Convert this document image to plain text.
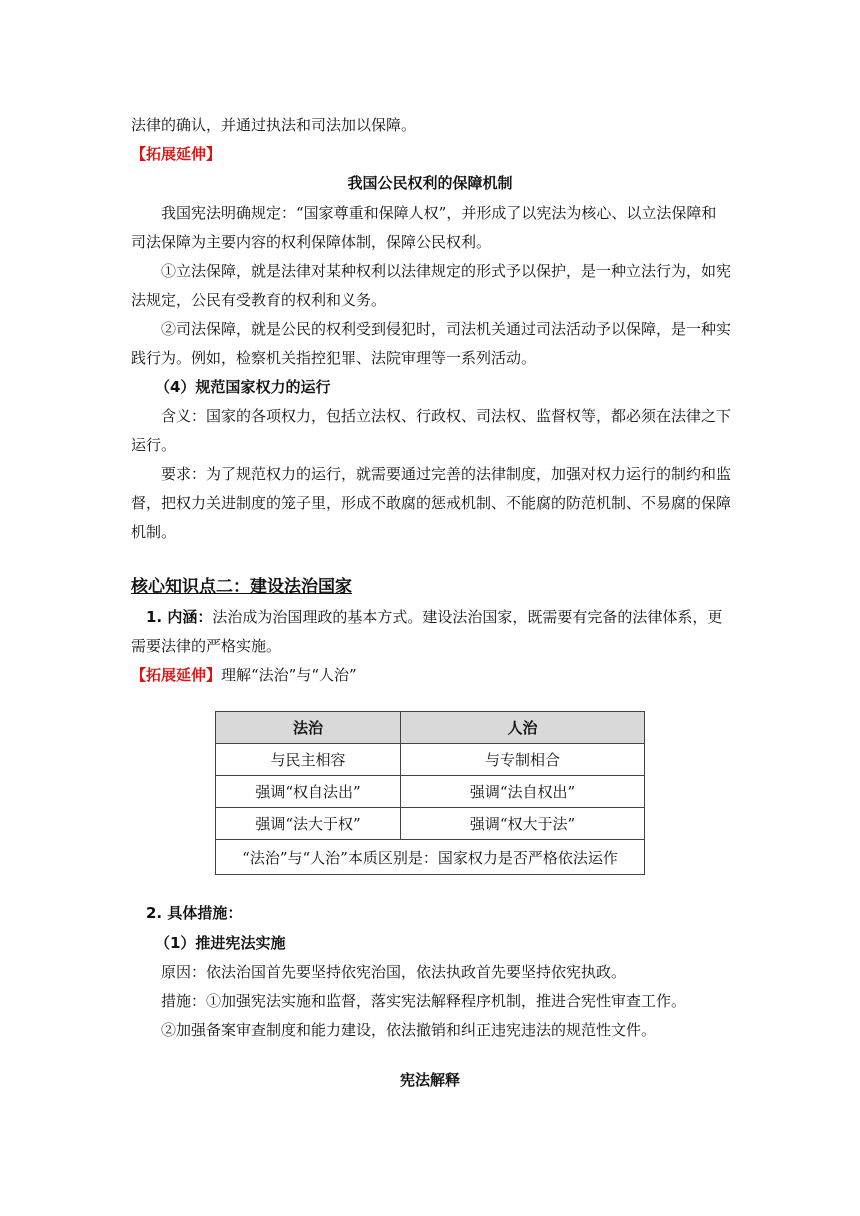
法律的确认，并通过执法和司法加以保障。
【拓展延伸】
我国公民权利的保障机制
我国宪法明确规定：“国家尊重和保障人权”，并形成了以宪法为核心、以立法保障和
司法保障为主要内容的权利保障体制，保障公民权利。
①立法保障，就是法律对某种权利以法律规定的形式予以保护，是一种立法行为，如宪
法规定，公民有受教育的权利和义务。
②司法保障，就是公民的权利受到侵犯时，司法机关通过司法活动予以保障，是一种实
践行为。例如，检察机关指控犯罪、法院审理等一系列活动。
（4）规范国家权力的运行
含义：国家的各项权力，包括立法权、行政权、司法权、监督权等，都必须在法律之下
运行。
要求：为了规范权力的运行，就需要通过完善的法律制度，加强对权力运行的制约和监
督，把权力关进制度的笼子里，形成不敢腐的惩戒机制、不能腐的防范机制、不易腐的保障
机制。
核心知识点二：建设法治国家
1. 内涵：法治成为治国理政的基本方式。建设法治国家，既需要有完备的法律体系，更
需要法律的严格实施。
【拓展延伸】理解“法治”与“人治”
法治	人治
与民主相容	与专制相合
强调“权自法出”	强调“法自权出”
强调“法大于权”	强调“权大于法”
“法治”与“人治”本质区别是：国家权力是否严格依法运作	
2. 具体措施：
（1）推进宪法实施
原因：依法治国首先要坚持依宪治国，依法执政首先要坚持依宪执政。
措施：①加强宪法实施和监督，落实宪法解释程序机制，推进合宪性审查工作。
②加强备案审查制度和能力建设，依法撤销和纠正违宪违法的规范性文件。
宪法解释
